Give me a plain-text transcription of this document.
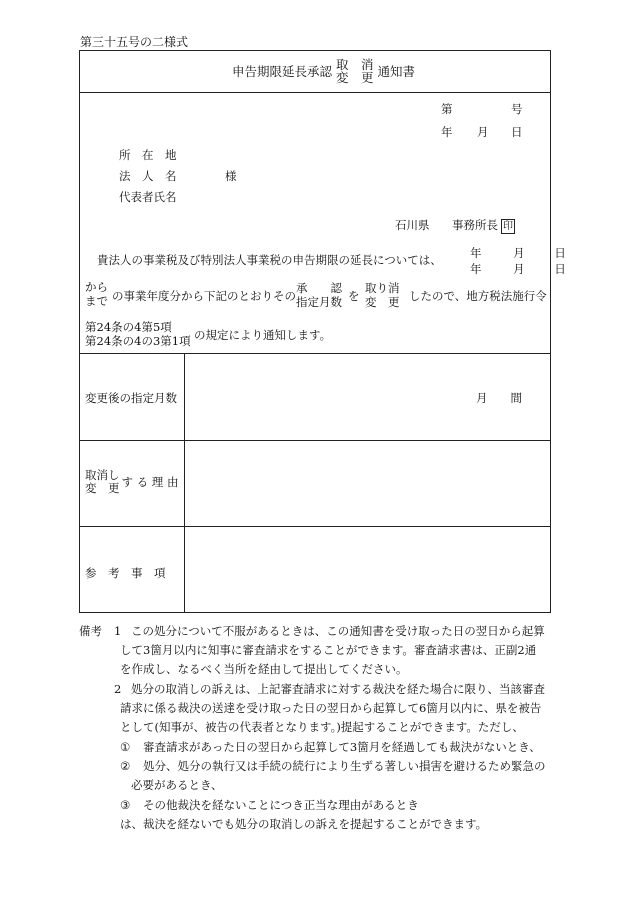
第三十五号の二様式
申告期限延長承認 取　消
変　更 通知書
第	号
年 月 日
所　在　地
法　人　名	様
代表者氏名
石川県 事務所長 印
貴法人の事業税及び特別法人事業税の申告期限の延長については、 年	月	日
年	月	日
から
まで の事業年度分から下記のとおりその
承　　認
指定月数 を
取り消
変　更 したので、地方税法施行令
第24条の4第5項
第24条の4の3第1項 の規定により通知します。
変更後の指定月数	月　　間
取消し
変　更 す る 理 由
参　考　事　項
備考 1 この処分について不服があるときは、この通知書を受け取った日の翌日から起算
して3箇月以内に知事に審査請求をすることができます。審査請求書は、正副2通
を作成し、なるべく当所を経由して提出してください。
2 処分の取消しの訴えは、上記審査請求に対する裁決を経た場合に限り、当該審査
請求に係る裁決の送達を受け取った日の翌日から起算して6箇月以内に、県を被告
として(知事が、被告の代表者となります。)提起することができます。ただし、
① 審査請求があった日の翌日から起算して3箇月を経過しても裁決がないとき、
② 処分、処分の執行又は手続の続行により生ずる著しい損害を避けるため緊急の
必要があるとき、
③ その他裁決を経ないことにつき正当な理由があるとき
は、裁決を経ないでも処分の取消しの訴えを提起することができます。
